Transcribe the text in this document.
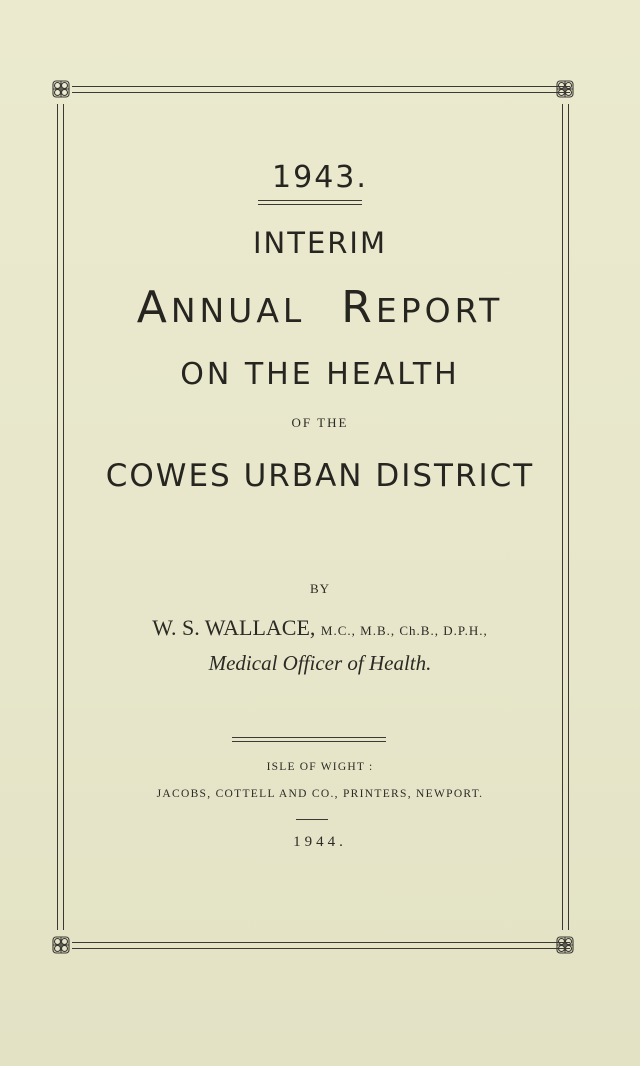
1943.
INTERIM
ANNUAL REPORT
ON THE HEALTH
OF THE
COWES URBAN DISTRICT
BY
W. S. WALLACE, M.C., M.B., Ch.B., D.P.H.,
Medical Officer of Health.
ISLE OF WIGHT :
JACOBS, COTTELL AND CO., PRINTERS, NEWPORT.
1944.
